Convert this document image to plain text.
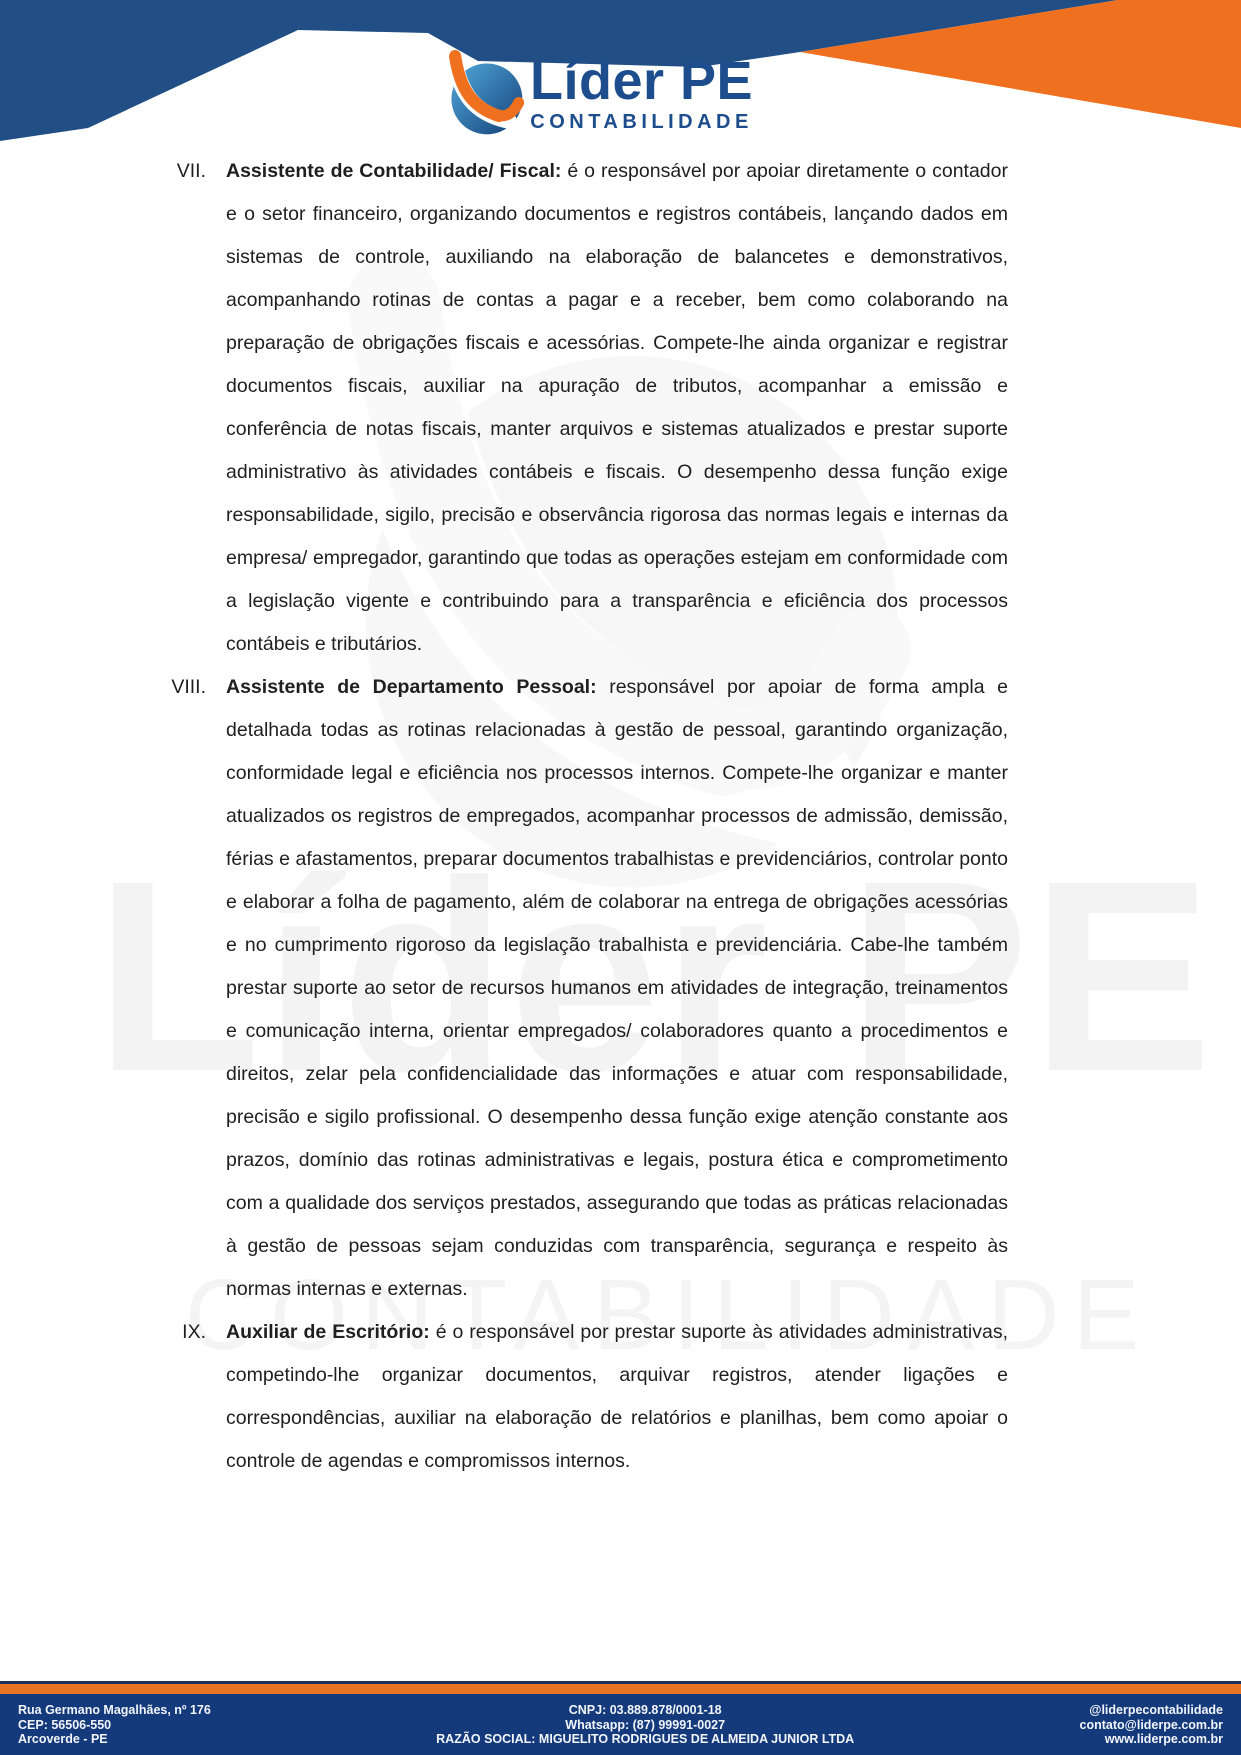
Líder PE
CONTABILIDADE
VII. Assistente de Contabilidade/ Fiscal: é o responsável por apoiar diretamente o contador e o setor financeiro, organizando documentos e registros contábeis, lançando dados em sistemas de controle, auxiliando na elaboração de balancetes e demonstrativos, acompanhando rotinas de contas a pagar e a receber, bem como colaborando na preparação de obrigações fiscais e acessórias. Compete-lhe ainda organizar e registrar documentos fiscais, auxiliar na apuração de tributos, acompanhar a emissão e conferência de notas fiscais, manter arquivos e sistemas atualizados e prestar suporte administrativo às atividades contábeis e fiscais. O desempenho dessa função exige responsabilidade, sigilo, precisão e observância rigorosa das normas legais e internas da empresa/ empregador, garantindo que todas as operações estejam em conformidade com a legislação vigente e contribuindo para a transparência e eficiência dos processos contábeis e tributários.

VIII. Assistente de Departamento Pessoal: responsável por apoiar de forma ampla e detalhada todas as rotinas relacionadas à gestão de pessoal, garantindo organização, conformidade legal e eficiência nos processos internos. Compete-lhe organizar e manter atualizados os registros de empregados, acompanhar processos de admissão, demissão, férias e afastamentos, preparar documentos trabalhistas e previdenciários, controlar ponto e elaborar a folha de pagamento, além de colaborar na entrega de obrigações acessórias e no cumprimento rigoroso da legislação trabalhista e previdenciária. Cabe-lhe também prestar suporte ao setor de recursos humanos em atividades de integração, treinamentos e comunicação interna, orientar empregados/ colaboradores quanto a procedimentos e direitos, zelar pela confidencialidade das informações e atuar com responsabilidade, precisão e sigilo profissional. O desempenho dessa função exige atenção constante aos prazos, domínio das rotinas administrativas e legais, postura ética e comprometimento com a qualidade dos serviços prestados, assegurando que todas as práticas relacionadas à gestão de pessoas sejam conduzidas com transparência, segurança e respeito às normas internas e externas.

IX. Auxiliar de Escritório: é o responsável por prestar suporte às atividades administrativas, competindo-lhe organizar documentos, arquivar registros, atender ligações e correspondências, auxiliar na elaboração de relatórios e planilhas, bem como apoiar o controle de agendas e compromissos internos.

Rua Germano Magalhães, nº 176
CEP: 56506-550
Arcoverde - PE
CNPJ: 03.889.878/0001-18
Whatsapp: (87) 99991-0027
RAZÃO SOCIAL: MIGUELITO RODRIGUES DE ALMEIDA JUNIOR LTDA
@liderpecontabilidade
contato@liderpe.com.br
www.liderpe.com.br
